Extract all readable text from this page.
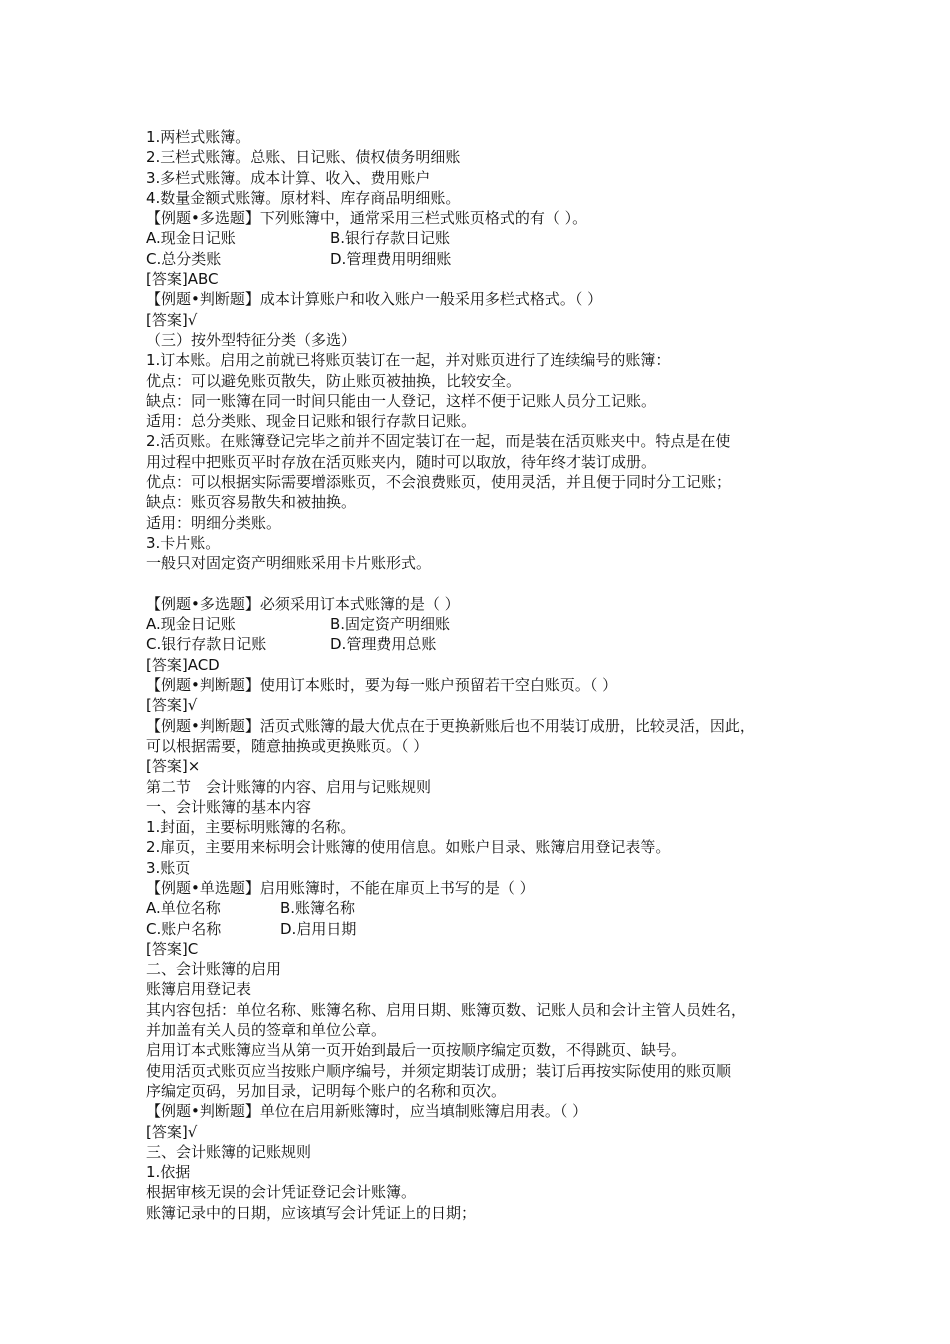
1.两栏式账簿。
2.三栏式账簿。总账、日记账、债权债务明细账
3.多栏式账簿。成本计算、收入、费用账户
4.数量金额式账簿。原材料、库存商品明细账。
【例题•多选题】下列账簿中，通常采用三栏式账页格式的有（ ）。
A.现金日记账	B.银行存款日记账
C.总分类账	D.管理费用明细账
[答案]ABC
【例题•判断题】成本计算账户和收入账户一般采用多栏式格式。（ ）
[答案]√
（三）按外型特征分类（多选）
1.订本账。启用之前就已将账页装订在一起，并对账页进行了连续编号的账簿：
优点：可以避免账页散失，防止账页被抽换，比较安全。
缺点：同一账簿在同一时间只能由一人登记，这样不便于记账人员分工记账。
适用：总分类账、现金日记账和银行存款日记账。
2.活页账。在账簿登记完毕之前并不固定装订在一起，而是装在活页账夹中。特点是在使
用过程中把账页平时存放在活页账夹内，随时可以取放，待年终才装订成册。
优点：可以根据实际需要增添账页，不会浪费账页，使用灵活，并且便于同时分工记账；
缺点：账页容易散失和被抽换。
适用：明细分类账。
3.卡片账。
一般只对固定资产明细账采用卡片账形式。
【例题•多选题】必须采用订本式账簿的是（ ）
A.现金日记账	B.固定资产明细账
C.银行存款日记账	D.管理费用总账
[答案]ACD
【例题•判断题】使用订本账时，要为每一账户预留若干空白账页。（ ）
[答案]√
【例题•判断题】活页式账簿的最大优点在于更换新账后也不用装订成册，比较灵活，因此，
可以根据需要，随意抽换或更换账页。（ ）
[答案]×
第二节　会计账簿的内容、启用与记账规则
一、会计账簿的基本内容
1.封面，主要标明账簿的名称。
2.扉页，主要用来标明会计账簿的使用信息。如账户目录、账簿启用登记表等。
3.账页
【例题•单选题】启用账簿时，不能在扉页上书写的是（ ）
A.单位名称	B.账簿名称
C.账户名称	D.启用日期
[答案]C
二、会计账簿的启用
账簿启用登记表
其内容包括：单位名称、账簿名称、启用日期、账簿页数、记账人员和会计主管人员姓名，
并加盖有关人员的签章和单位公章。
启用订本式账簿应当从第一页开始到最后一页按顺序编定页数，不得跳页、缺号。
使用活页式账页应当按账户顺序编号，并须定期装订成册；装订后再按实际使用的账页顺
序编定页码，另加目录，记明每个账户的名称和页次。
【例题•判断题】单位在启用新账簿时，应当填制账簿启用表。（ ）
[答案]√
三、会计账簿的记账规则
1.依据
根据审核无误的会计凭证登记会计账簿。
账簿记录中的日期，应该填写会计凭证上的日期；
